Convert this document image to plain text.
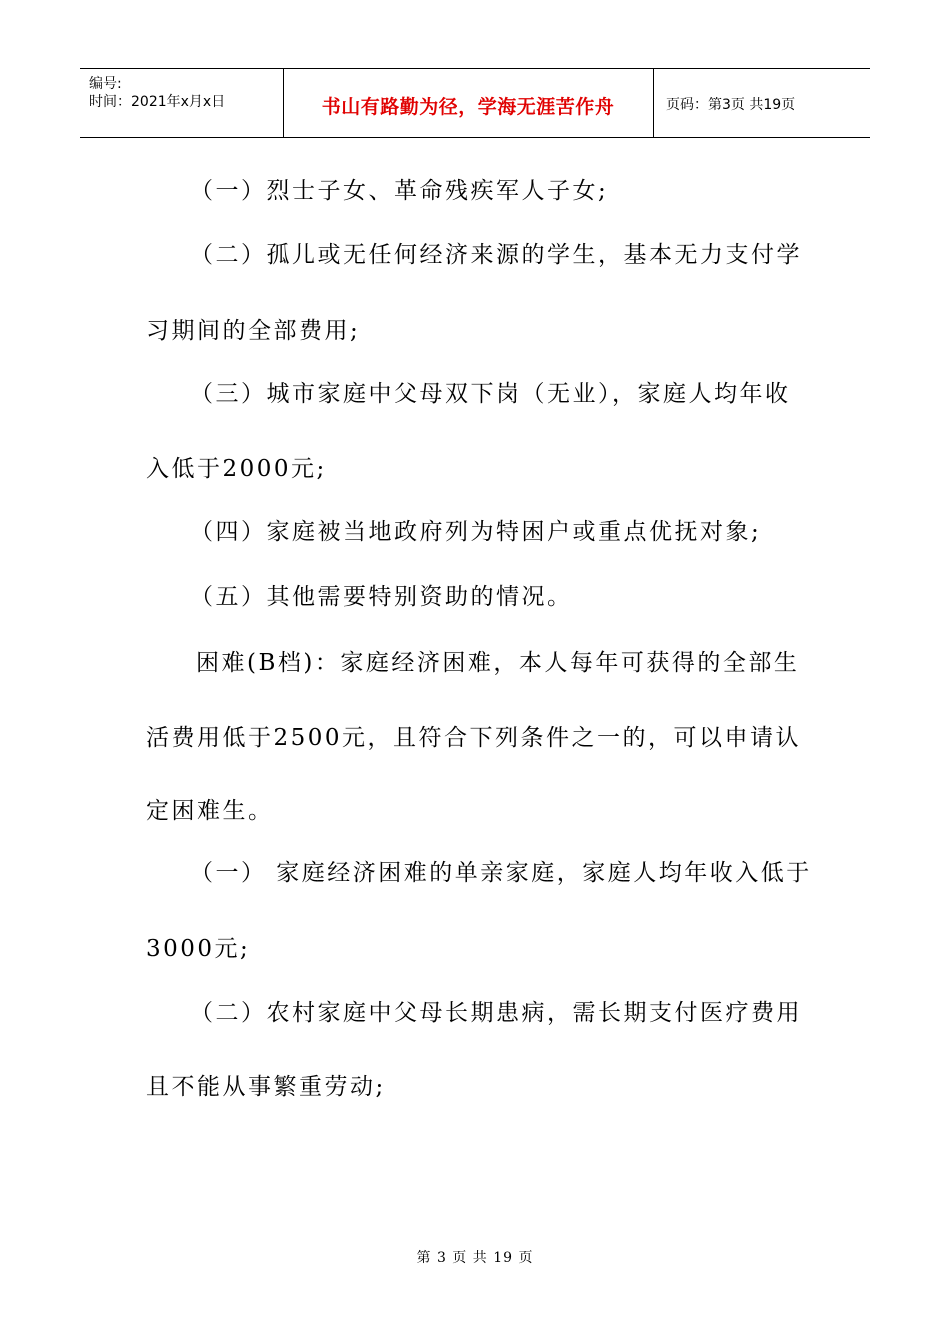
编号:
时间：2021年x月x日	书山有路勤为径，学海无涯苦作舟	页码：第3页 共19页
（一）烈士子女、革命残疾军人子女;
（二）孤儿或无任何经济来源的学生，基本无力支付学
习期间的全部费用;
（三）城市家庭中父母双下岗（无业），家庭人均年收
入低于2000元;
（四）家庭被当地政府列为特困户或重点优抚对象;
（五）其他需要特别资助的情况。
困难(B档)：家庭经济困难，本人每年可获得的全部生
活费用低于2500元，且符合下列条件之一的，可以申请认
定困难生。
（一） 家庭经济困难的单亲家庭，家庭人均年收入低于
3000元;
（二）农村家庭中父母长期患病，需长期支付医疗费用
且不能从事繁重劳动;
第 3 页 共 19 页
